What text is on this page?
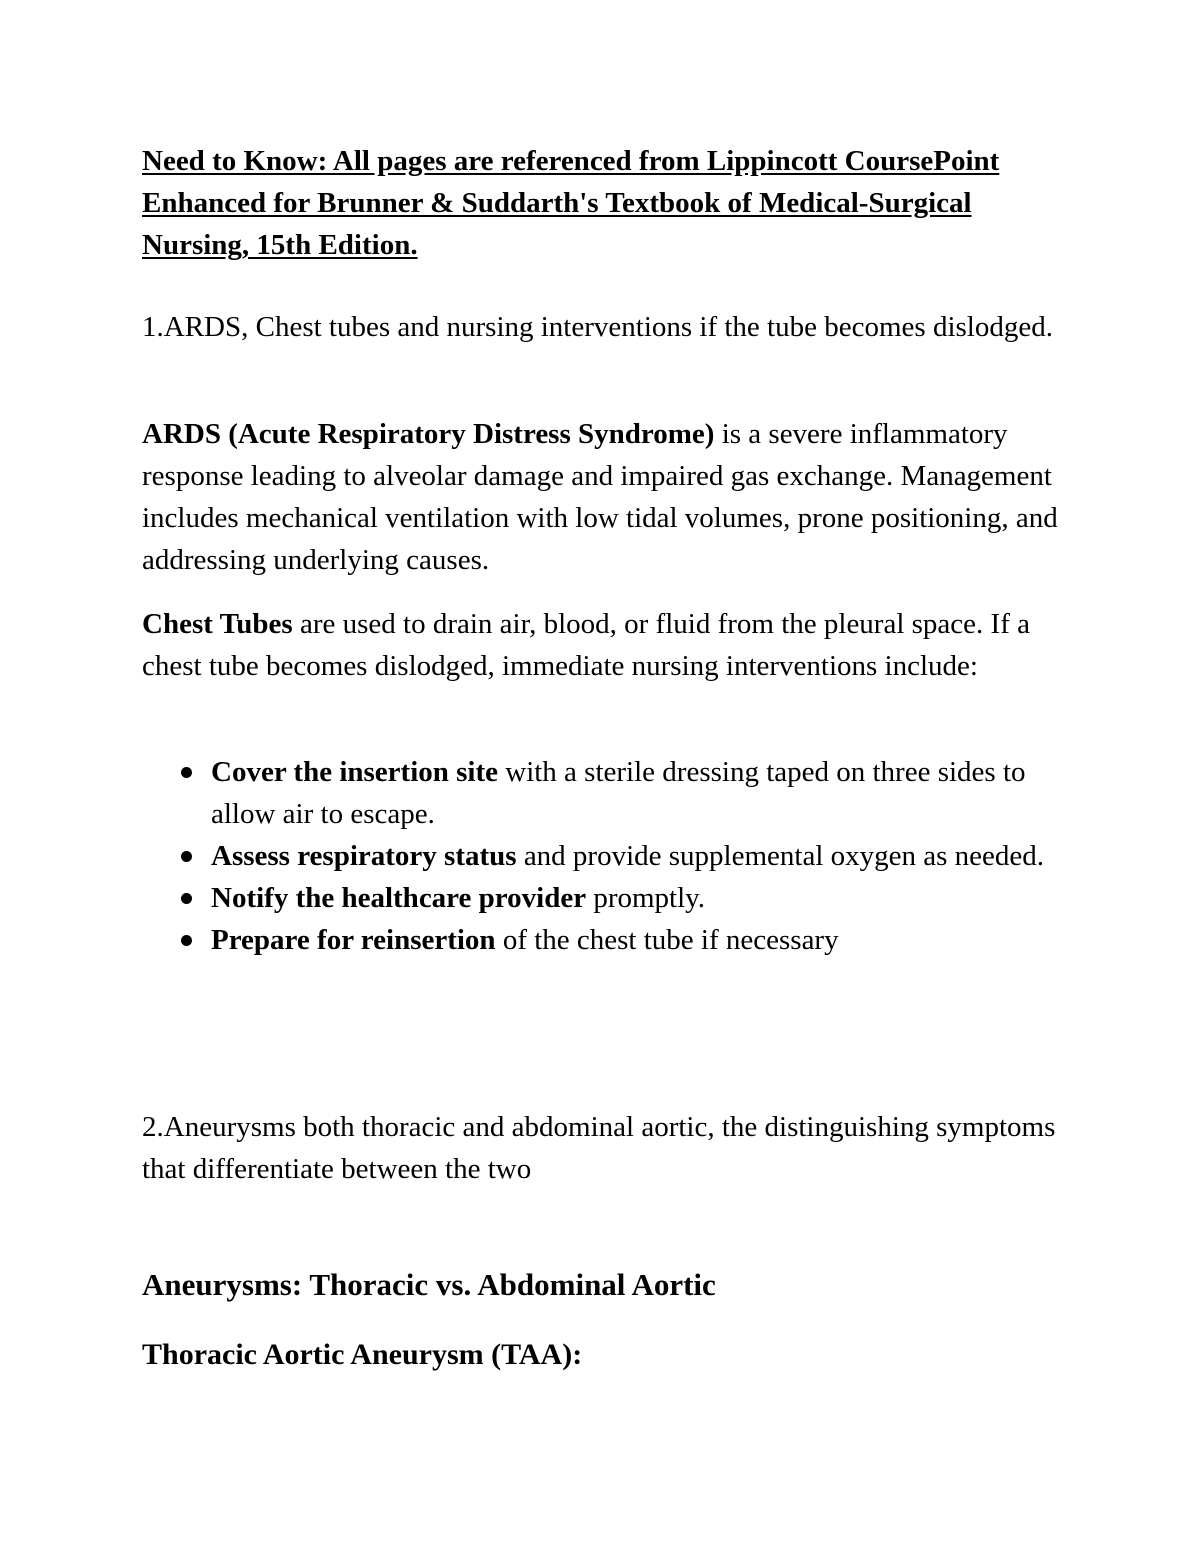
Need to Know: All pages are referenced from Lippincott CoursePoint Enhanced for Brunner & Suddarth's Textbook of Medical-Surgical Nursing, 15th Edition.

1.ARDS, Chest tubes and nursing interventions if the tube becomes dislodged.

ARDS (Acute Respiratory Distress Syndrome) is a severe inflammatory response leading to alveolar damage and impaired gas exchange. Management includes mechanical ventilation with low tidal volumes, prone positioning, and addressing underlying causes.

Chest Tubes are used to drain air, blood, or fluid from the pleural space. If a chest tube becomes dislodged, immediate nursing interventions include:

Cover the insertion site with a sterile dressing taped on three sides to allow air to escape.
Assess respiratory status and provide supplemental oxygen as needed.
Notify the healthcare provider promptly.
Prepare for reinsertion of the chest tube if necessary

2.Aneurysms both thoracic and abdominal aortic, the distinguishing symptoms that differentiate between the two

Aneurysms: Thoracic vs. Abdominal Aortic

Thoracic Aortic Aneurysm (TAA):
